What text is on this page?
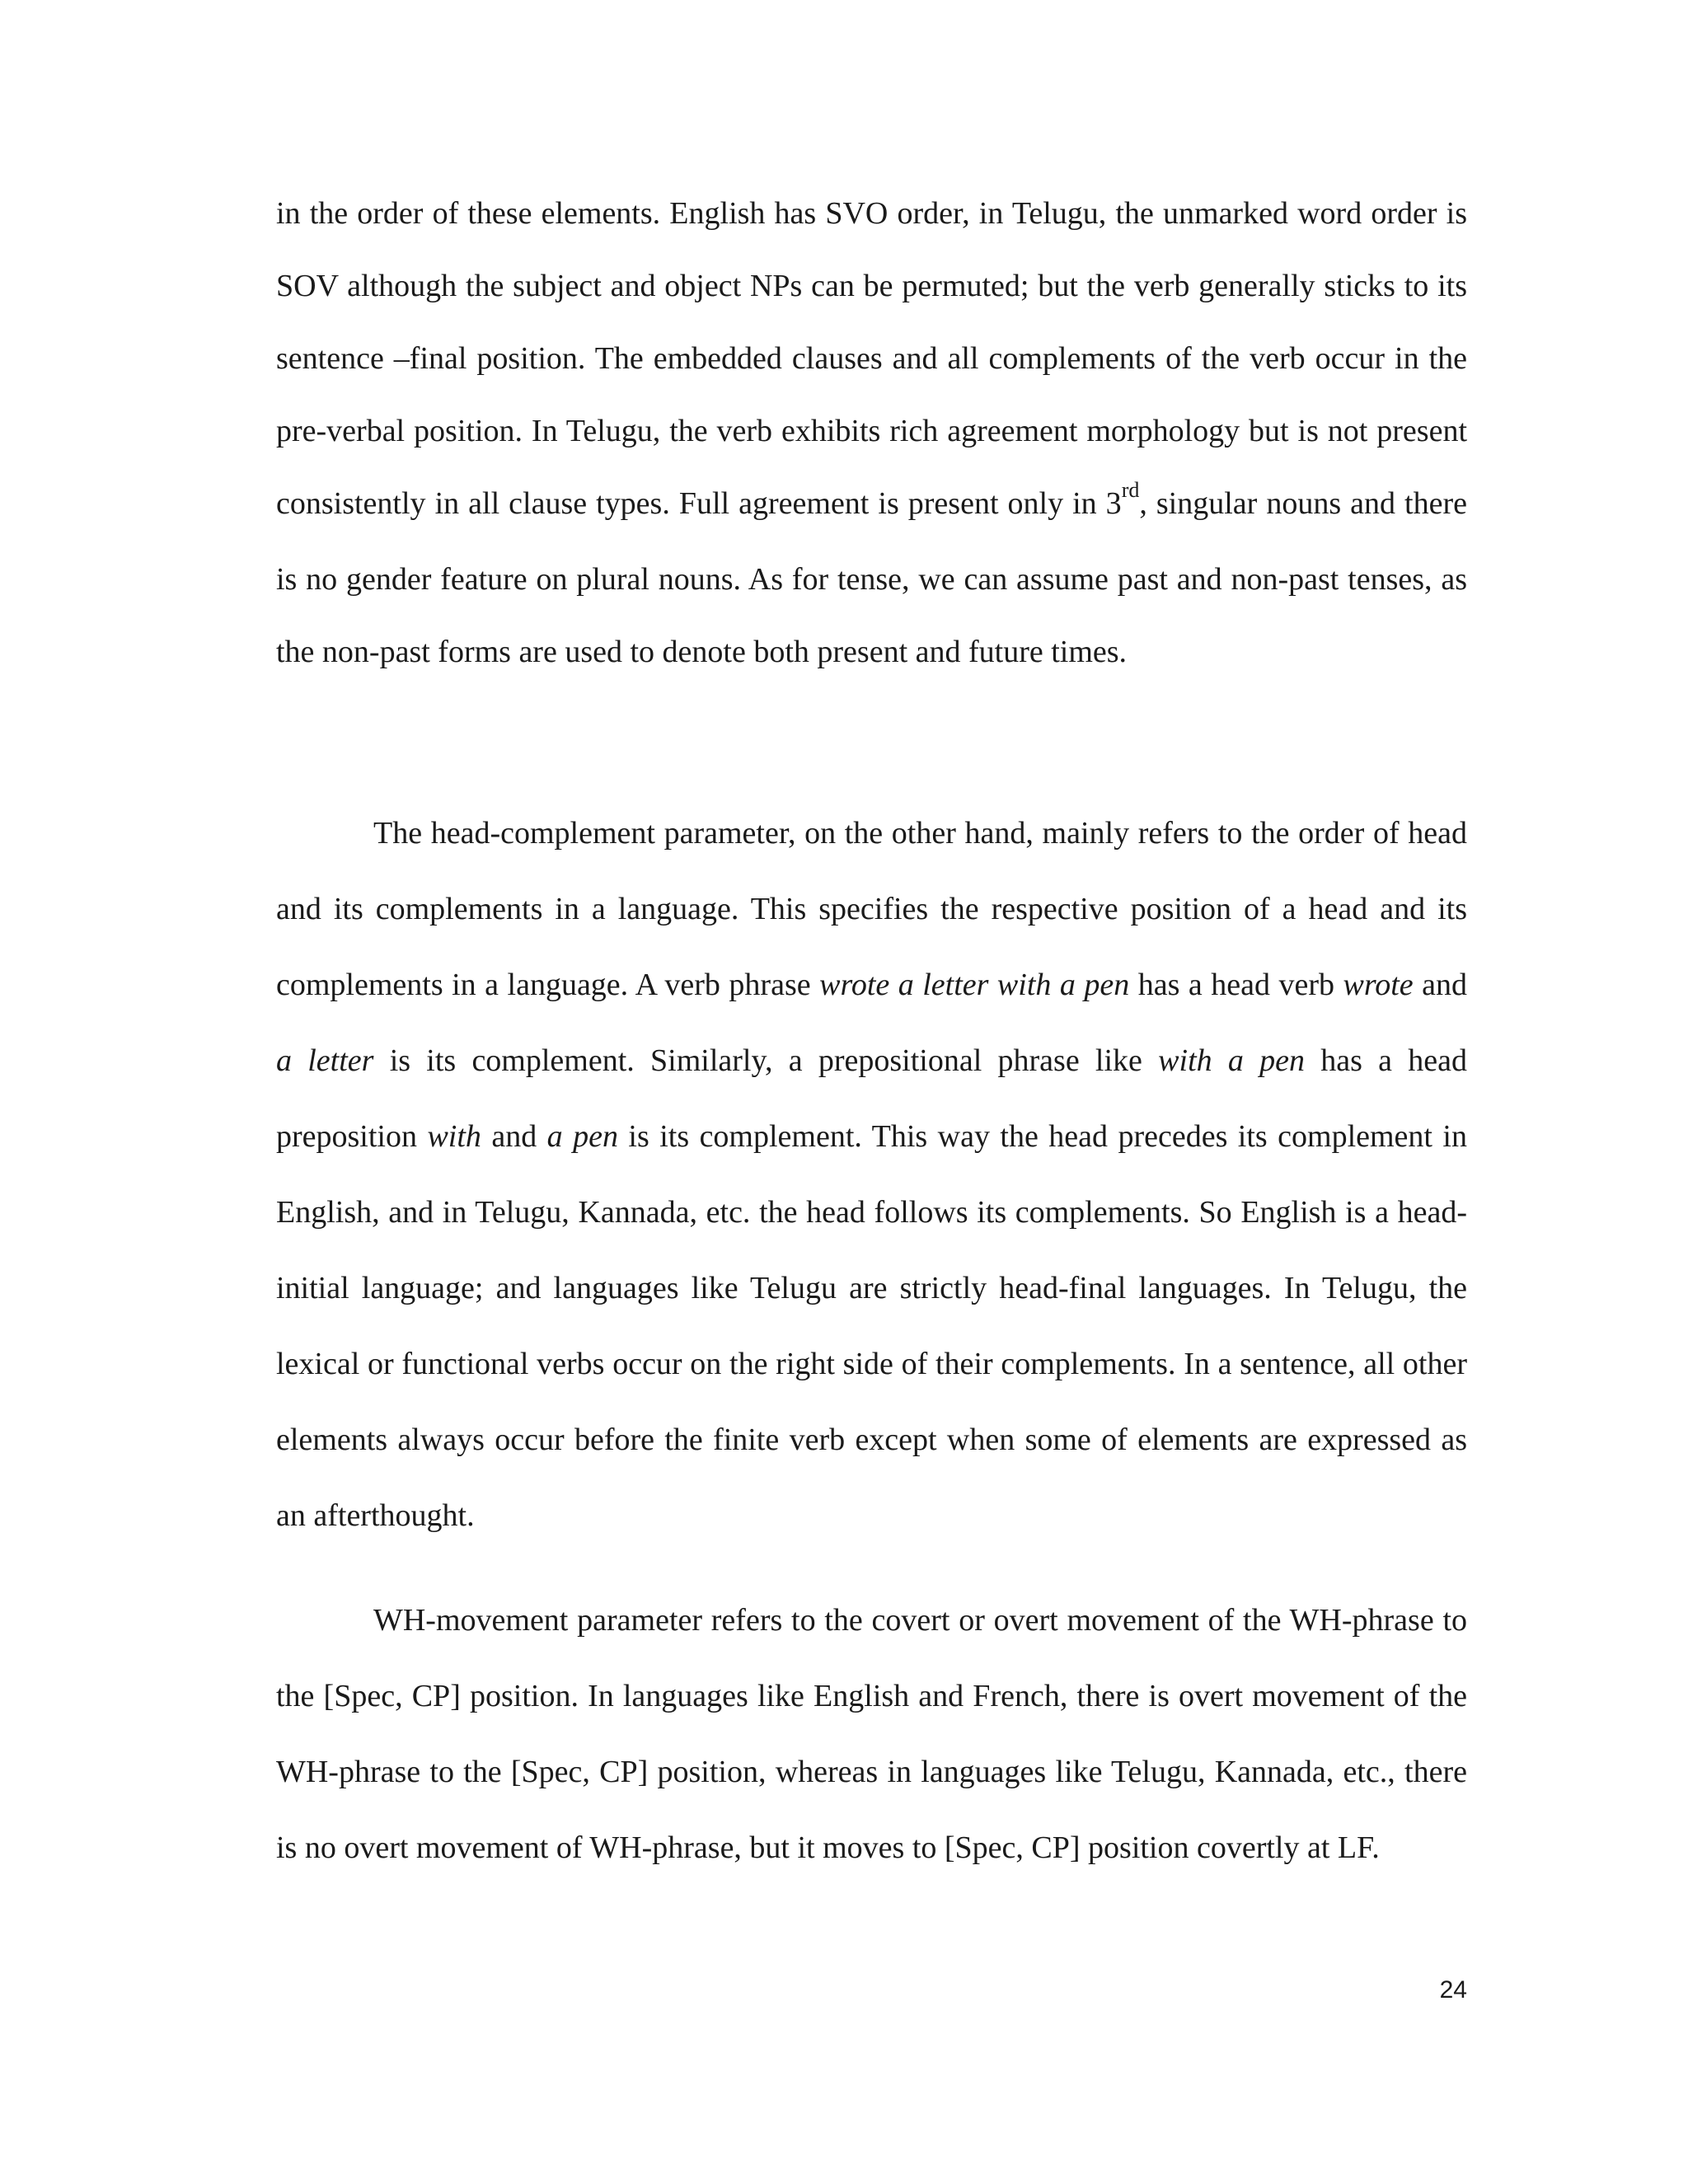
in the order of these elements. English has SVO order, in Telugu, the unmarked word order is SOV although the subject and object NPs can be permuted; but the verb generally sticks to its sentence –final position. The embedded clauses and all complements of the verb occur in the pre-verbal position. In Telugu, the verb exhibits rich agreement morphology but is not present consistently in all clause types. Full agreement is present only in 3rd, singular nouns and there is no gender feature on plural nouns. As for tense, we can assume past and non-past tenses, as the non-past forms are used to denote both present and future times.

The head-complement parameter, on the other hand, mainly refers to the order of head and its complements in a language. This specifies the respective position of a head and its complements in a language. A verb phrase wrote a letter with a pen has a head verb wrote and a letter is its complement. Similarly, a prepositional phrase like with a pen has a head preposition with and a pen is its complement. This way the head precedes its complement in English, and in Telugu, Kannada, etc. the head follows its complements. So English is a head-initial language; and languages like Telugu are strictly head-final languages. In Telugu, the lexical or functional verbs occur on the right side of their complements. In a sentence, all other elements always occur before the finite verb except when some of elements are expressed as an afterthought.

WH-movement parameter refers to the covert or overt movement of the WH-phrase to the [Spec, CP] position. In languages like English and French, there is overt movement of the WH-phrase to the [Spec, CP] position, whereas in languages like Telugu, Kannada, etc., there is no overt movement of WH-phrase, but it moves to [Spec, CP] position covertly at LF.

24
